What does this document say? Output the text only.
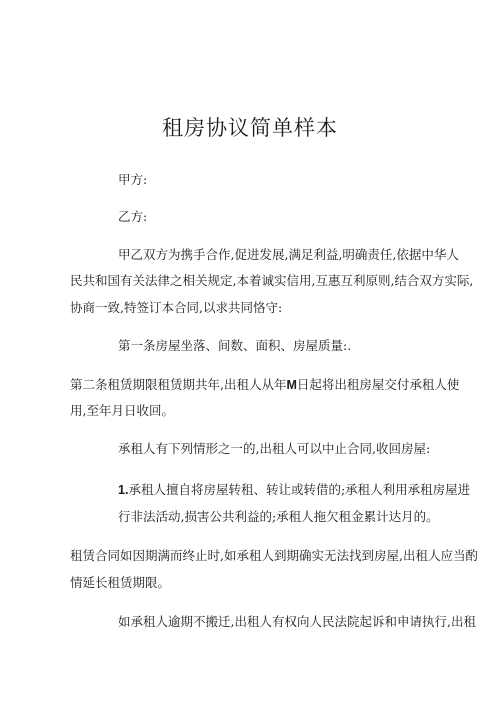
租房协议简单样本
甲方:
乙方:
甲乙双方为携手合作,促进发展,满足利益,明确责任,依据中华人
民共和国有关法律之相关规定,本着诚实信用,互惠互利原则,结合双方实际,
协商一致,特签订本合同,以求共同恪守:
第一条房屋坐落、间数、面积、房屋质量:.
第二条租赁期限租赁期共年,出租人从年M日起将出租房屋交付承租人使
用,至年月日收回。
承租人有下列情形之一的,出租人可以中止合同,收回房屋:
1.承租人擅自将房屋转租、转让或转借的;承租人利用承租房屋进
行非法活动,损害公共利益的;承租人拖欠租金累计达月的。
租赁合同如因期满而终止时,如承租人到期确实无法找到房屋,出租人应当酌
情延长租赁期限。
如承租人逾期不搬迁,出租人有权向人民法院起诉和申请执行,出租
